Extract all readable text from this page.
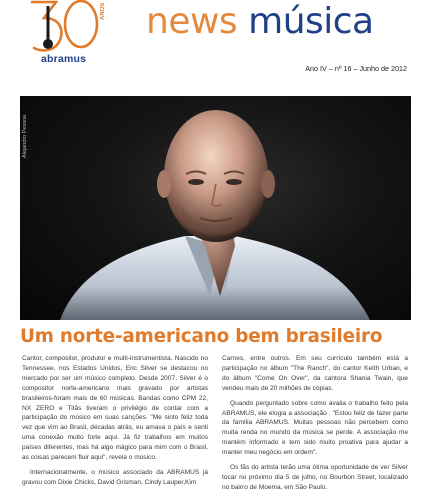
ANOS
abramus
news música
Ano IV – nº 16 – Junho de 2012
Alejandro Pessoa
Um norte-americano bem brasileiro

Cantor, compositor, produtor e multi-instrumentista. Nascido no Tennessee, nos Estados Unidos, Eric Silver se destacou no mercado por ser um músico completo. Desde 2007, Silver é o compositor norte-americano mais gravado por artistas brasileiros-foram mais de 60 músicas. Bandas como CPM 22, NX ZERO e Titãs tiveram o privilégio de contar com a participação do músico em suas canções. "Me sinto feliz toda vez que vim ao Brasil, décadas atrás, eu amava o país e senti uma conexão muito forte aqui. Já fiz trabalhos em muitos países diferentes, mas há algo mágico para mim com o Brasil, as coisas parecem fluir aqui", revela o músico.

Internacionalmente, o músico associado da ABRAMUS já gravou com Dixie Chicks, David Grisman, Cindy Lauper,Kim

Carnes, entre outros. Em seu currículo também está a participação no álbum "The Ranch", do cantor Keith Urban, e do álbum "Come On Over", da cantora Shania Twain, que vendeu mais de 20 milhões de cópias.

Quando perguntado sobre como avalia o trabalho feito pela ABRAMUS, ele elogia a associação . "Estou feliz de fazer parte da família ABRAMUS. Muitas pessoas não percebem como muita renda no mundo da música se perde. A associação me mantém informado e tem sido muito proativa para ajudar a manter meu negócio em ordem".

Os fãs do artista terão uma ótima oportunidade de ver Silver tocar no próximo dia 5 de julho, no Bourbon Street, localizado no bairro de Moema, em São Paulo.
